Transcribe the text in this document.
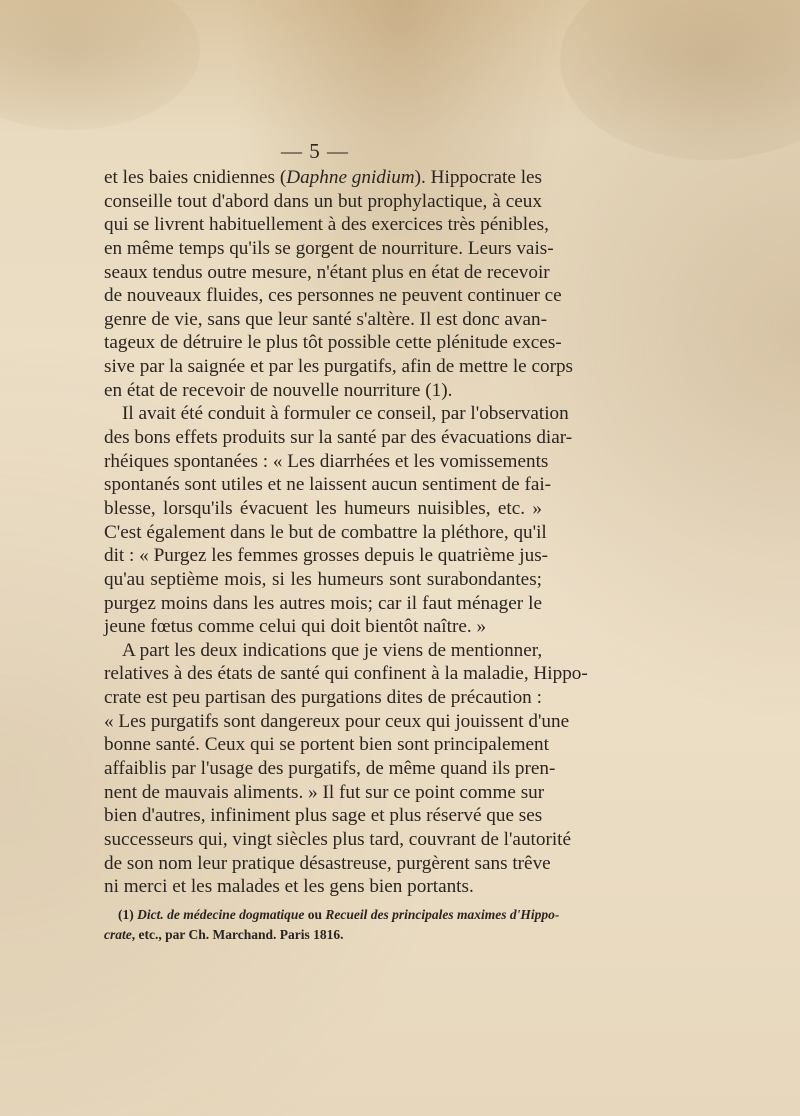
— 5 —
et les baies cnidiennes (Daphne gnidium). Hippocrate les
conseille tout d'abord dans un but prophylactique, à ceux
qui se livrent habituellement à des exercices très pénibles,
en même temps qu'ils se gorgent de nourriture. Leurs vais-
seaux tendus outre mesure, n'étant plus en état de recevoir
de nouveaux fluides, ces personnes ne peuvent continuer ce
genre de vie, sans que leur santé s'altère. Il est donc avan-
tageux de détruire le plus tôt possible cette plénitude exces-
sive par la saignée et par les purgatifs, afin de mettre le corps
en état de recevoir de nouvelle nourriture (1).
Il avait été conduit à formuler ce conseil, par l'observation
des bons effets produits sur la santé par des évacuations diar-
rhéiques spontanées : « Les diarrhées et les vomissements
spontanés sont utiles et ne laissent aucun sentiment de fai-
blesse, lorsqu'ils évacuent les humeurs nuisibles, etc. »
C'est également dans le but de combattre la pléthore, qu'il
dit : « Purgez les femmes grosses depuis le quatrième jus-
qu'au septième mois, si les humeurs sont surabondantes;
purgez moins dans les autres mois; car il faut ménager le
jeune fœtus comme celui qui doit bientôt naître. »
A part les deux indications que je viens de mentionner,
relatives à des états de santé qui confinent à la maladie, Hippo-
crate est peu partisan des purgations dites de précaution :
« Les purgatifs sont dangereux pour ceux qui jouissent d'une
bonne santé. Ceux qui se portent bien sont principalement
affaiblis par l'usage des purgatifs, de même quand ils pren-
nent de mauvais aliments. » Il fut sur ce point comme sur
bien d'autres, infiniment plus sage et plus réservé que ses
successeurs qui, vingt siècles plus tard, couvrant de l'autorité
de son nom leur pratique désastreuse, purgèrent sans trêve
ni merci et les malades et les gens bien portants.
(1) Dict. de médecine dogmatique ou Recueil des principales maximes d'Hippo-
crate, etc., par Ch. Marchand. Paris 1816.
